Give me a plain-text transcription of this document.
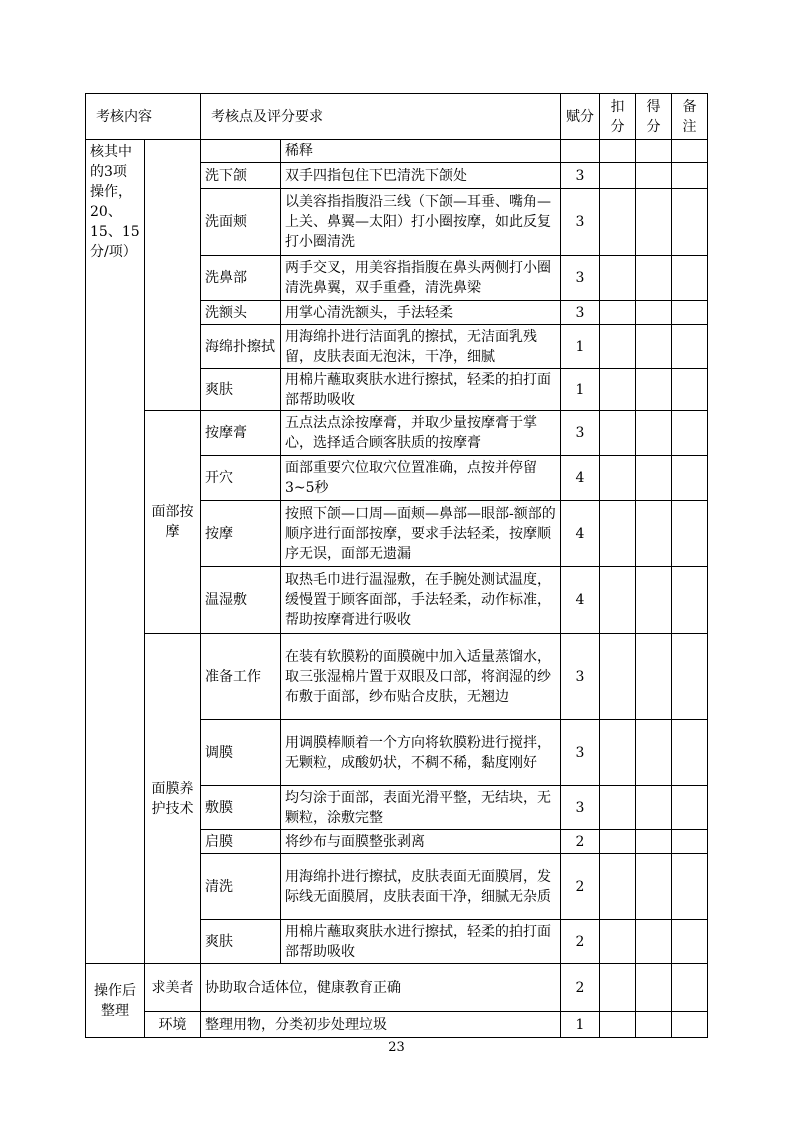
考核内容		考核点及评分要求		赋分	扣分	得分	备注
核其中的3项操作，20、15、15分/项）			稀释				
		洗下颌	双手四指包住下巴清洗下颌处	3			
		洗面颊	以美容指指腹沿三线（下颌—耳垂、嘴角—上关、鼻翼—太阳）打小圈按摩，如此反复打小圈清洗	3			
		洗鼻部	两手交叉，用美容指指腹在鼻头两侧打小圈清洗鼻翼，双手重叠，清洗鼻梁	3			
		洗额头	用掌心清洗额头，手法轻柔	3			
		海绵扑擦拭	用海绵扑进行洁面乳的擦拭，无洁面乳残留，皮肤表面无泡沫，干净，细腻	1			
		爽肤	用棉片蘸取爽肤水进行擦拭，轻柔的拍打面部帮助吸收	1			
	面部按摩	按摩膏	五点法点涂按摩膏，并取少量按摩膏于掌心，选择适合顾客肤质的按摩膏	3			
		开穴	面部重要穴位取穴位置准确，点按并停留3~5秒	4			
		按摩	按照下颌—口周—面颊—鼻部—眼部-额部的顺序进行面部按摩，要求手法轻柔，按摩顺序无误，面部无遗漏	4			
		温湿敷	取热毛巾进行温湿敷，在手腕处测试温度，缓慢置于顾客面部，手法轻柔，动作标准，帮助按摩膏进行吸收	4			
	面膜养护技术	准备工作	在装有软膜粉的面膜碗中加入适量蒸馏水，取三张湿棉片置于双眼及口部，将润湿的纱布敷于面部，纱布贴合皮肤，无翘边	3			
		调膜	用调膜棒顺着一个方向将软膜粉进行搅拌，无颗粒，成酸奶状，不稠不稀，黏度刚好	3			
		敷膜	均匀涂于面部，表面光滑平整，无结块，无颗粒，涂敷完整	3			
		启膜	将纱布与面膜整张剥离	2			
		清洗	用海绵扑进行擦拭，皮肤表面无面膜屑，发际线无面膜屑，皮肤表面干净，细腻无杂质	2			
		爽肤	用棉片蘸取爽肤水进行擦拭，轻柔的拍打面部帮助吸收	2			
操作后整理	求美者	协助取合适体位，健康教育正确		2			
	环境	整理用物，分类初步处理垃圾		1			
23
